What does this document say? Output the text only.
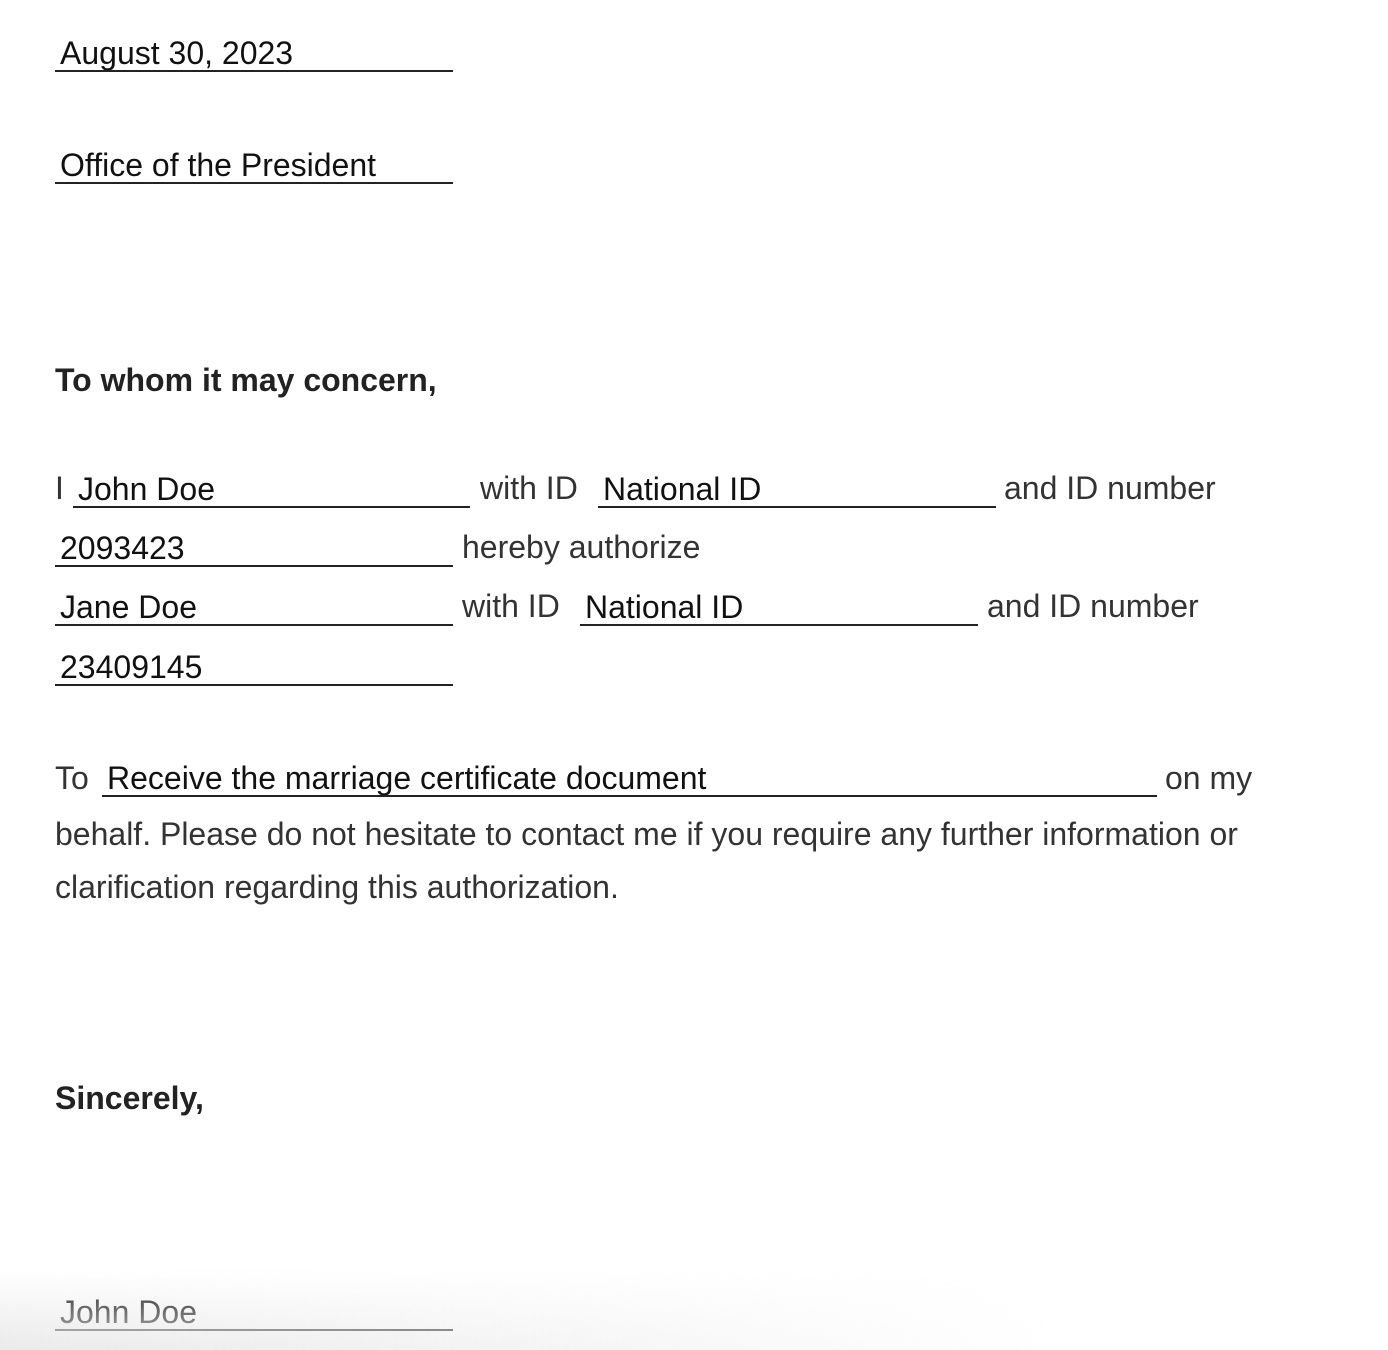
August 30, 2023
Office of the President
To whom it may concern,
I
John Doe	with ID
National ID	and ID number
2093423
hereby authorize
Jane Doe
with ID
National ID	and ID number
23409145
To
Receive the marriage certificate document	on my
behalf. Please do not hesitate to contact me if you require any further information or clarification regarding this authorization.
Sincerely,
John Doe
